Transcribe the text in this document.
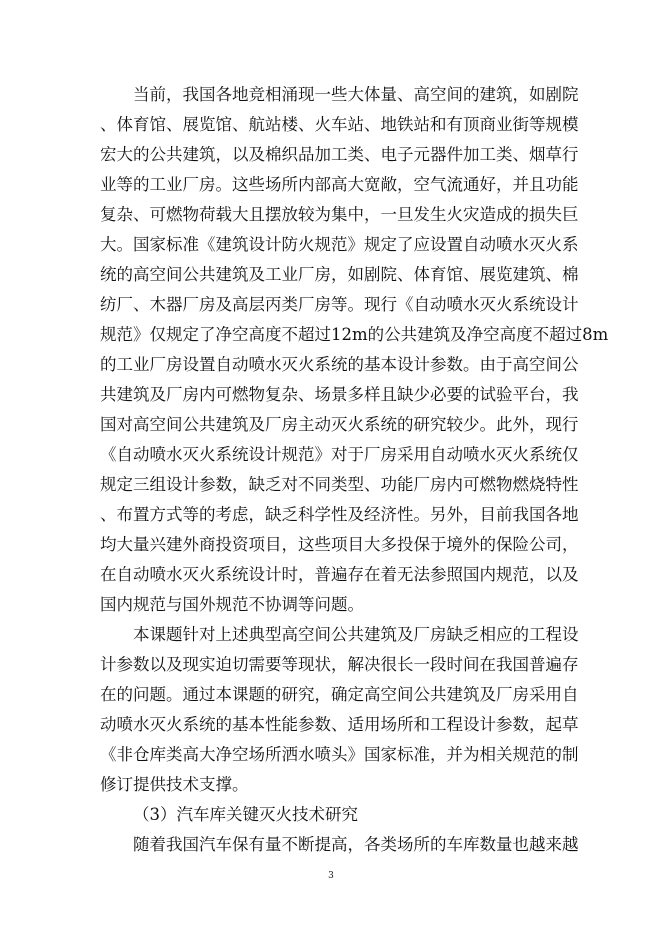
当前，我国各地竞相涌现一些大体量、高空间的建筑，如剧院

、体育馆、展览馆、航站楼、火车站、地铁站和有顶商业街等规模

宏大的公共建筑，以及棉织品加工类、电子元器件加工类、烟草行

业等的工业厂房。这些场所内部高大宽敞，空气流通好，并且功能

复杂、可燃物荷载大且摆放较为集中，一旦发生火灾造成的损失巨

大。国家标准《建筑设计防火规范》规定了应设置自动喷水灭火系

统的高空间公共建筑及工业厂房，如剧院、体育馆、展览建筑、棉

纺厂、木器厂房及高层丙类厂房等。现行《自动喷水灭火系统设计

规范》仅规定了净空高度不超过12m的公共建筑及净空高度不超过8m

的工业厂房设置自动喷水灭火系统的基本设计参数。由于高空间公

共建筑及厂房内可燃物复杂、场景多样且缺少必要的试验平台，我

国对高空间公共建筑及厂房主动灭火系统的研究较少。此外，现行

《自动喷水灭火系统设计规范》对于厂房采用自动喷水灭火系统仅

规定三组设计参数，缺乏对不同类型、功能厂房内可燃物燃烧特性

、布置方式等的考虑，缺乏科学性及经济性。另外，目前我国各地

均大量兴建外商投资项目，这些项目大多投保于境外的保险公司，

在自动喷水灭火系统设计时，普遍存在着无法参照国内规范，以及

国内规范与国外规范不协调等问题。

本课题针对上述典型高空间公共建筑及厂房缺乏相应的工程设

计参数以及现实迫切需要等现状，解决很长一段时间在我国普遍存

在的问题。通过本课题的研究，确定高空间公共建筑及厂房采用自

动喷水灭火系统的基本性能参数、适用场所和工程设计参数，起草

《非仓库类高大净空场所洒水喷头》国家标准，并为相关规范的制

修订提供技术支撑。

（3）汽车库关键灭火技术研究

随着我国汽车保有量不断提高，各类场所的车库数量也越来越

3
